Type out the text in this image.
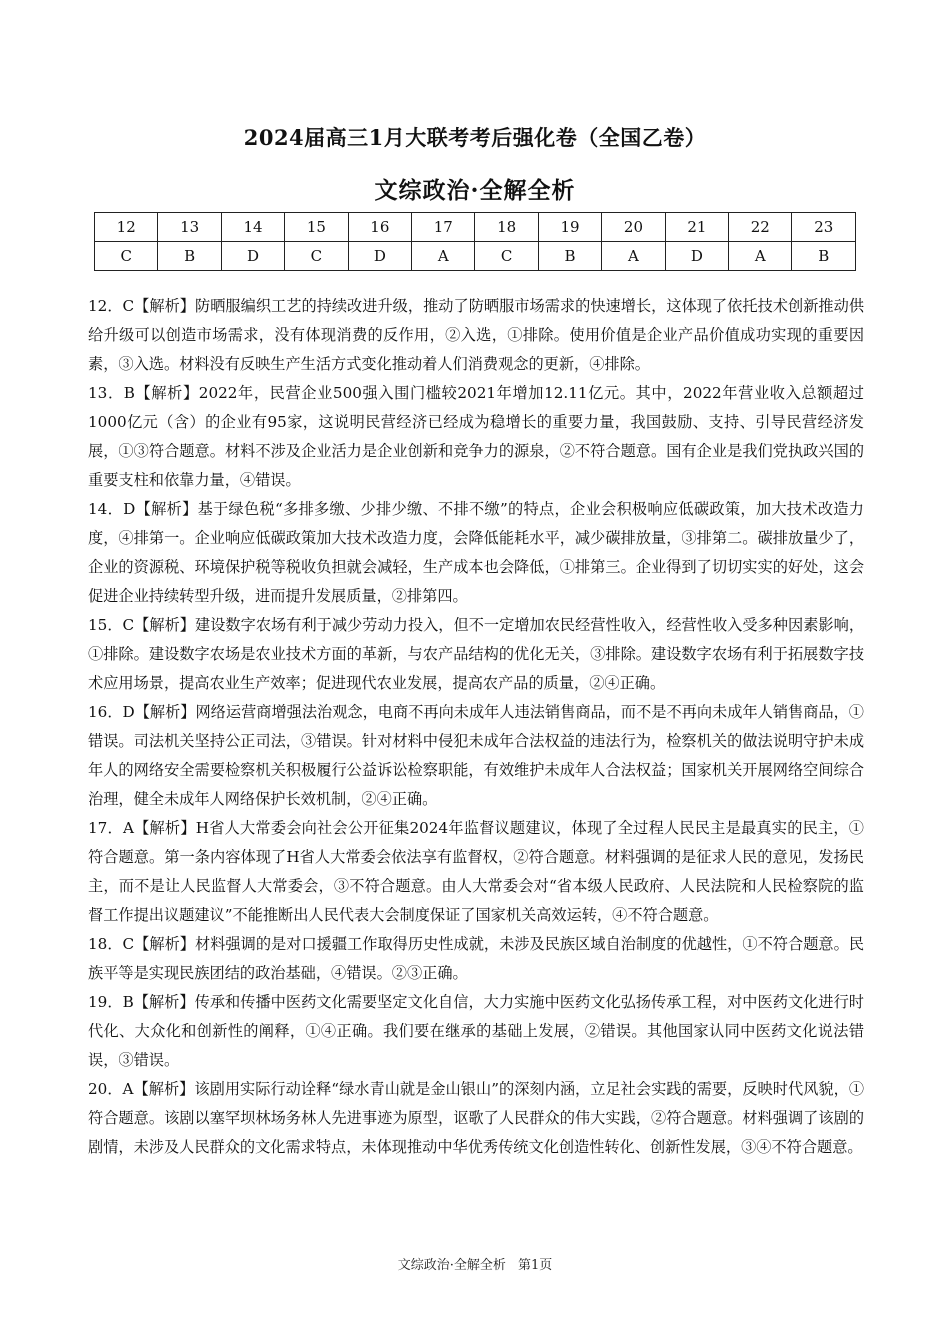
2024届高三1月大联考考后强化卷（全国乙卷）
文综政治·全解全析
12	13	14	15	16	17	18	19	20	21	22	23
C	B	D	C	D	A	C	B	A	D	A	B

12．C【解析】防晒服编织工艺的持续改进升级，推动了防晒服市场需求的快速增长，这体现了依托技术创新推动供给升级可以创造市场需求，没有体现消费的反作用，②入选，①排除。使用价值是企业产品价值成功实现的重要因素，③入选。材料没有反映生产生活方式变化推动着人们消费观念的更新，④排除。

13．B【解析】2022年，民营企业500强入围门槛较2021年增加12.11亿元。其中，2022年营业收入总额超过1000亿元（含）的企业有95家，这说明民营经济已经成为稳增长的重要力量，我国鼓励、支持、引导民营经济发展，①③符合题意。材料不涉及企业活力是企业创新和竞争力的源泉，②不符合题意。国有企业是我们党执政兴国的重要支柱和依靠力量，④错误。

14．D【解析】基于绿色税“多排多缴、少排少缴、不排不缴”的特点，企业会积极响应低碳政策，加大技术改造力度，④排第一。企业响应低碳政策加大技术改造力度，会降低能耗水平，减少碳排放量，③排第二。碳排放量少了，企业的资源税、环境保护税等税收负担就会减轻，生产成本也会降低，①排第三。企业得到了切切实实的好处，这会促进企业持续转型升级，进而提升发展质量，②排第四。

15．C【解析】建设数字农场有利于减少劳动力投入，但不一定增加农民经营性收入，经营性收入受多种因素影响，①排除。建设数字农场是农业技术方面的革新，与农产品结构的优化无关，③排除。建设数字农场有利于拓展数字技术应用场景，提高农业生产效率；促进现代农业发展，提高农产品的质量，②④正确。

16．D【解析】网络运营商增强法治观念，电商不再向未成年人违法销售商品，而不是不再向未成年人销售商品，①错误。司法机关坚持公正司法，③错误。针对材料中侵犯未成年合法权益的违法行为，检察机关的做法说明守护未成年人的网络安全需要检察机关积极履行公益诉讼检察职能，有效维护未成年人合法权益；国家机关开展网络空间综合治理，健全未成年人网络保护长效机制，②④正确。

17．A【解析】H省人大常委会向社会公开征集2024年监督议题建议，体现了全过程人民民主是最真实的民主，①符合题意。第一条内容体现了H省人大常委会依法享有监督权，②符合题意。材料强调的是征求人民的意见，发扬民主，而不是让人民监督人大常委会，③不符合题意。由人大常委会对“省本级人民政府、人民法院和人民检察院的监督工作提出议题建议”不能推断出人民代表大会制度保证了国家机关高效运转，④不符合题意。

18．C【解析】材料强调的是对口援疆工作取得历史性成就，未涉及民族区域自治制度的优越性，①不符合题意。民族平等是实现民族团结的政治基础，④错误。②③正确。

19．B【解析】传承和传播中医药文化需要坚定文化自信，大力实施中医药文化弘扬传承工程，对中医药文化进行时代化、大众化和创新性的阐释，①④正确。我们要在继承的基础上发展，②错误。其他国家认同中医药文化说法错误，③错误。

20．A【解析】该剧用实际行动诠释“绿水青山就是金山银山”的深刻内涵，立足社会实践的需要，反映时代风貌，①符合题意。该剧以塞罕坝林场务林人先进事迹为原型，讴歌了人民群众的伟大实践，②符合题意。材料强调了该剧的剧情，未涉及人民群众的文化需求特点，未体现推动中华优秀传统文化创造性转化、创新性发展，③④不符合题意。

文综政治·全解全析 第1页
